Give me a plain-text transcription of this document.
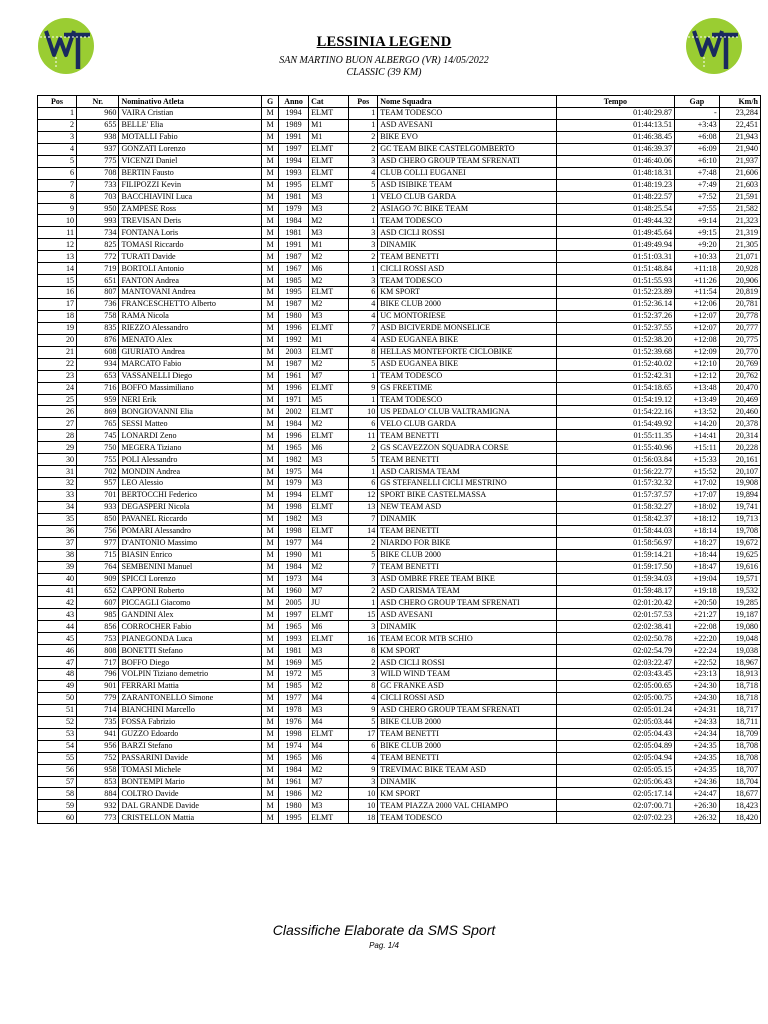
LESSINIA LEGEND
SAN MARTINO BUON ALBERGO (VR) 14/05/2022
CLASSIC (39 KM)
Pos	Nr.	Nominativo Atleta	G	Anno	Cat	Pos	Nome Squadra	Tempo	Gap	Km/h
1	960	VAIRA Cristian	M	1994	ELMT	1	TEAM TODESCO	01:40:29.87	-	23,284
2	655	BELLE' Elia	M	1989	M1	1	ASD AVESANI	01:44:13.51	+3:43	22,451
3	938	MOTALLI Fabio	M	1991	M1	2	BIKE EVO	01:46:38.45	+6:08	21,943
4	937	GONZATI Lorenzo	M	1997	ELMT	2	GC TEAM BIKE CASTELGOMBERTO	01:46:39.37	+6:09	21,940
5	775	VICENZI Daniel	M	1994	ELMT	3	ASD CHERO GROUP TEAM SFRENATI	01:46:40.06	+6:10	21,937
6	708	BERTIN Fausto	M	1993	ELMT	4	CLUB COLLI EUGANEI	01:48:18.31	+7:48	21,606
7	733	FILIPOZZI Kevin	M	1995	ELMT	5	ASD ISIBIKE TEAM	01:48:19.23	+7:49	21,603
8	703	BACCHIAVINI Luca	M	1981	M3	1	VELO CLUB GARDA	01:48:22.57	+7:52	21,591
9	950	ZAMPESE Ross	M	1979	M3	2	ASIAGO 7C BIKE TEAM	01:48:25.54	+7:55	21,582
10	993	TREVISAN Deris	M	1984	M2	1	TEAM TODESCO	01:49:44.32	+9:14	21,323
11	734	FONTANA Loris	M	1981	M3	3	ASD CICLI ROSSI	01:49:45.64	+9:15	21,319
12	825	TOMASI Riccardo	M	1991	M1	3	DINAMIK	01:49:49.94	+9:20	21,305
13	772	TURATI Davide	M	1987	M2	2	TEAM BENETTI	01:51:03.31	+10:33	21,071
14	719	BORTOLI Antonio	M	1967	M6	1	CICLI ROSSI ASD	01:51:48.84	+11:18	20,928
15	651	FANTON Andrea	M	1985	M2	3	TEAM TODESCO	01:51:55.93	+11:26	20,906
16	807	MANTOVANI Andrea	M	1995	ELMT	6	KM SPORT	01:52:23.89	+11:54	20,819
17	736	FRANCESCHETTO Alberto	M	1987	M2	4	BIKE CLUB 2000	01:52:36.14	+12:06	20,781
18	758	RAMA Nicola	M	1980	M3	4	UC MONTORIESE	01:52:37.26	+12:07	20,778
19	835	RIEZZO Alessandro	M	1996	ELMT	7	ASD BICIVERDE MONSELICE	01:52:37.55	+12:07	20,777
20	876	MENATO Alex	M	1992	M1	4	ASD EUGANEA BIKE	01:52:38.20	+12:08	20,775
21	608	GIURIATO Andrea	M	2003	ELMT	8	HELLAS MONTEFORTE CICLOBIKE	01:52:39.68	+12:09	20,770
22	934	MARCATO Fabio	M	1987	M2	5	ASD EUGANEA BIKE	01:52:40.02	+12:10	20,769
23	653	VASSANELLI Diego	M	1961	M7	1	TEAM TODESCO	01:52:42.31	+12:12	20,762
24	716	BOFFO Massimiliano	M	1996	ELMT	9	GS FREETIME	01:54:18.65	+13:48	20,470
25	959	NERI Erik	M	1971	M5	1	TEAM TODESCO	01:54:19.12	+13:49	20,469
26	869	BONGIOVANNI Elia	M	2002	ELMT	10	US PEDALO' CLUB VALTRAMIGNA	01:54:22.16	+13:52	20,460
27	765	SESSI Matteo	M	1984	M2	6	VELO CLUB GARDA	01:54:49.92	+14:20	20,378
28	745	LONARDI Zeno	M	1996	ELMT	11	TEAM BENETTI	01:55:11.35	+14:41	20,314
29	750	MEGERA Tiziano	M	1965	M6	2	GS SCAVEZZON SQUADRA CORSE	01:55:40.96	+15:11	20,228
30	755	POLI Alessandro	M	1982	M3	5	TEAM BENETTI	01:56:03.84	+15:33	20,161
31	702	MONDIN Andrea	M	1975	M4	1	ASD CARISMA TEAM	01:56:22.77	+15:52	20,107
32	957	LEO Alessio	M	1979	M3	6	GS STEFANELLI CICLI MESTRINO	01:57:32.32	+17:02	19,908
33	701	BERTOCCHI Federico	M	1994	ELMT	12	SPORT BIKE CASTELMASSA	01:57:37.57	+17:07	19,894
34	933	DEGASPERI Nicola	M	1998	ELMT	13	NEW TEAM ASD	01:58:32.27	+18:02	19,741
35	850	PAVANEL Riccardo	M	1982	M3	7	DINAMIK	01:58:42.37	+18:12	19,713
36	756	POMARI Alessandro	M	1998	ELMT	14	TEAM BENETTI	01:58:44.03	+18:14	19,708
37	977	D'ANTONIO Massimo	M	1977	M4	2	NIARDO FOR BIKE	01:58:56.97	+18:27	19,672
38	715	BIASIN Enrico	M	1990	M1	5	BIKE CLUB 2000	01:59:14.21	+18:44	19,625
39	764	SEMBENINI Manuel	M	1984	M2	7	TEAM BENETTI	01:59:17.50	+18:47	19,616
40	909	SPICCI Lorenzo	M	1973	M4	3	ASD OMBRE FREE TEAM BIKE	01:59:34.03	+19:04	19,571
41	652	CAPPONI Roberto	M	1960	M7	2	ASD CARISMA TEAM	01:59:48.17	+19:18	19,532
42	607	PICCAGLI Giacomo	M	2005	JU	1	ASD CHERO GROUP TEAM SFRENATI	02:01:20.42	+20:50	19,285
43	985	GANDINI Alex	M	1997	ELMT	15	ASD AVESANI	02:01:57.53	+21:27	19,187
44	856	CORROCHER Fabio	M	1965	M6	3	DINAMIK	02:02:38.41	+22:08	19,080
45	753	PIANEGONDA Luca	M	1993	ELMT	16	TEAM ECOR MTB SCHIO	02:02:50.78	+22:20	19,048
46	808	BONETTI Stefano	M	1981	M3	8	KM SPORT	02:02:54.79	+22:24	19,038
47	717	BOFFO Diego	M	1969	M5	2	ASD CICLI ROSSI	02:03:22.47	+22:52	18,967
48	796	VOLPIN Tiziano demetrio	M	1972	M5	3	WILD WIND TEAM	02:03:43.45	+23:13	18,913
49	901	FERRARI Mattia	M	1985	M2	8	GC FRANKE ASD	02:05:00.65	+24:30	18,718
50	779	ZARANTONELLO Simone	M	1977	M4	4	CICLI ROSSI ASD	02:05:00.75	+24:30	18,718
51	714	BIANCHINI Marcello	M	1978	M3	9	ASD CHERO GROUP TEAM SFRENATI	02:05:01.24	+24:31	18,717
52	735	FOSSA Fabrizio	M	1976	M4	5	BIKE CLUB 2000	02:05:03.44	+24:33	18,711
53	941	GUZZO Edoardo	M	1998	ELMT	17	TEAM BENETTI	02:05:04.43	+24:34	18,709
54	956	BARZI Stefano	M	1974	M4	6	BIKE CLUB 2000	02:05:04.89	+24:35	18,708
55	752	PASSARINI Davide	M	1965	M6	4	TEAM BENETTI	02:05:04.94	+24:35	18,708
56	958	TOMASI Michele	M	1984	M2	9	TREVIMAC BIKE TEAM ASD	02:05:05.15	+24:35	18,707
57	853	BONTEMPI Mario	M	1961	M7	3	DINAMIK	02:05:06.43	+24:36	18,704
58	884	COLTRO Davide	M	1986	M2	10	KM SPORT	02:05:17.14	+24:47	18,677
59	932	DAL GRANDE Davide	M	1980	M3	10	TEAM PIAZZA 2000 VAL CHIAMPO	02:07:00.71	+26:30	18,423
60	773	CRISTELLON Mattia	M	1995	ELMT	18	TEAM TODESCO	02:07:02.23	+26:32	18,420
Classifiche Elaborate da SMS Sport
Pag. 1/4
